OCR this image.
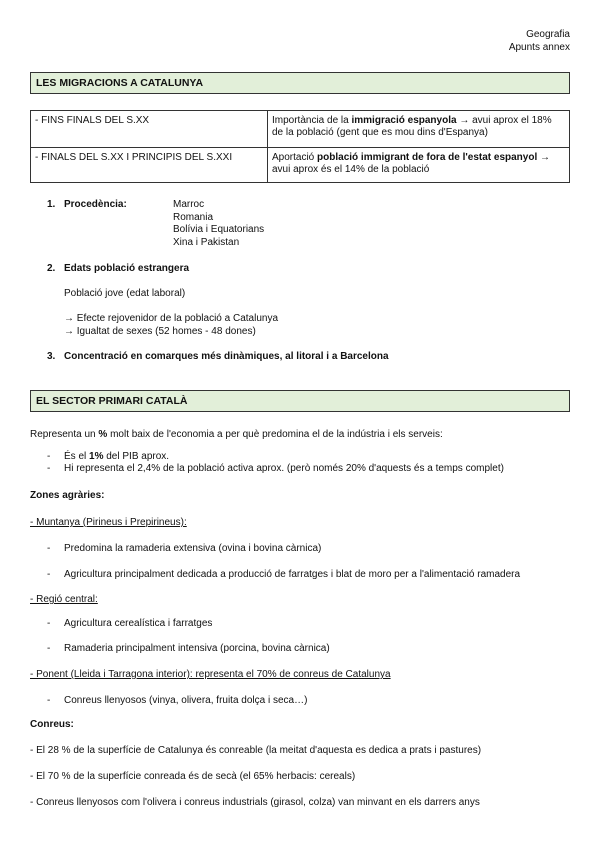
Geografia
Apunts annex
LES MIGRACIONS A CATALUNYA
- FINS FINALS DEL S.XX	Importància de la immigració espanyola → avui aprox el 18% de la població (gent que es mou dins d'Espanya)
- FINALS DEL S.XX I PRINCIPIS DEL S.XXI	Aportació població immigrant de fora de l'estat espanyol → avui aprox és el 14% de la població
1. Procedència:	Marroc
Romania
Bolívia i Equatorians
Xina i Pakistan
2. Edats població estrangera
Població jove (edat laboral)
→ Efecte rejovenidor de la població a Catalunya
→ Igualtat de sexes (52 homes - 48 dones)
3. Concentració en comarques més dinàmiques, al litoral i a Barcelona
EL SECTOR PRIMARI CATALÀ
Representa un % molt baix de l'economia a per què predomina el de la indústria i els serveis:
- És el 1% del PIB aprox.
- Hi representa el 2,4% de la població activa aprox. (però només 20% d'aquests és a temps complet)
Zones agràries:
- Muntanya (Pirineus i Prepirineus):
- Predomina la ramaderia extensiva (ovina i bovina càrnica)
- Agricultura principalment dedicada a producció de farratges i blat de moro per a l'alimentació ramadera
- Regió central:
- Agricultura cerealística i farratges
- Ramaderia principalment intensiva (porcina, bovina càrnica)
- Ponent (Lleida i Tarragona interior): representa el 70% de conreus de Catalunya
- Conreus llenyosos (vinya, olivera, fruita dolça i seca…)
Conreus:
- El 28 % de la superfície de Catalunya és conreable (la meitat d'aquesta es dedica a prats i pastures)
- El 70 % de la superfície conreada és de secà (el 65% herbacis: cereals)
- Conreus llenyosos com l'olivera i conreus industrials (girasol, colza) van minvant en els darrers anys
